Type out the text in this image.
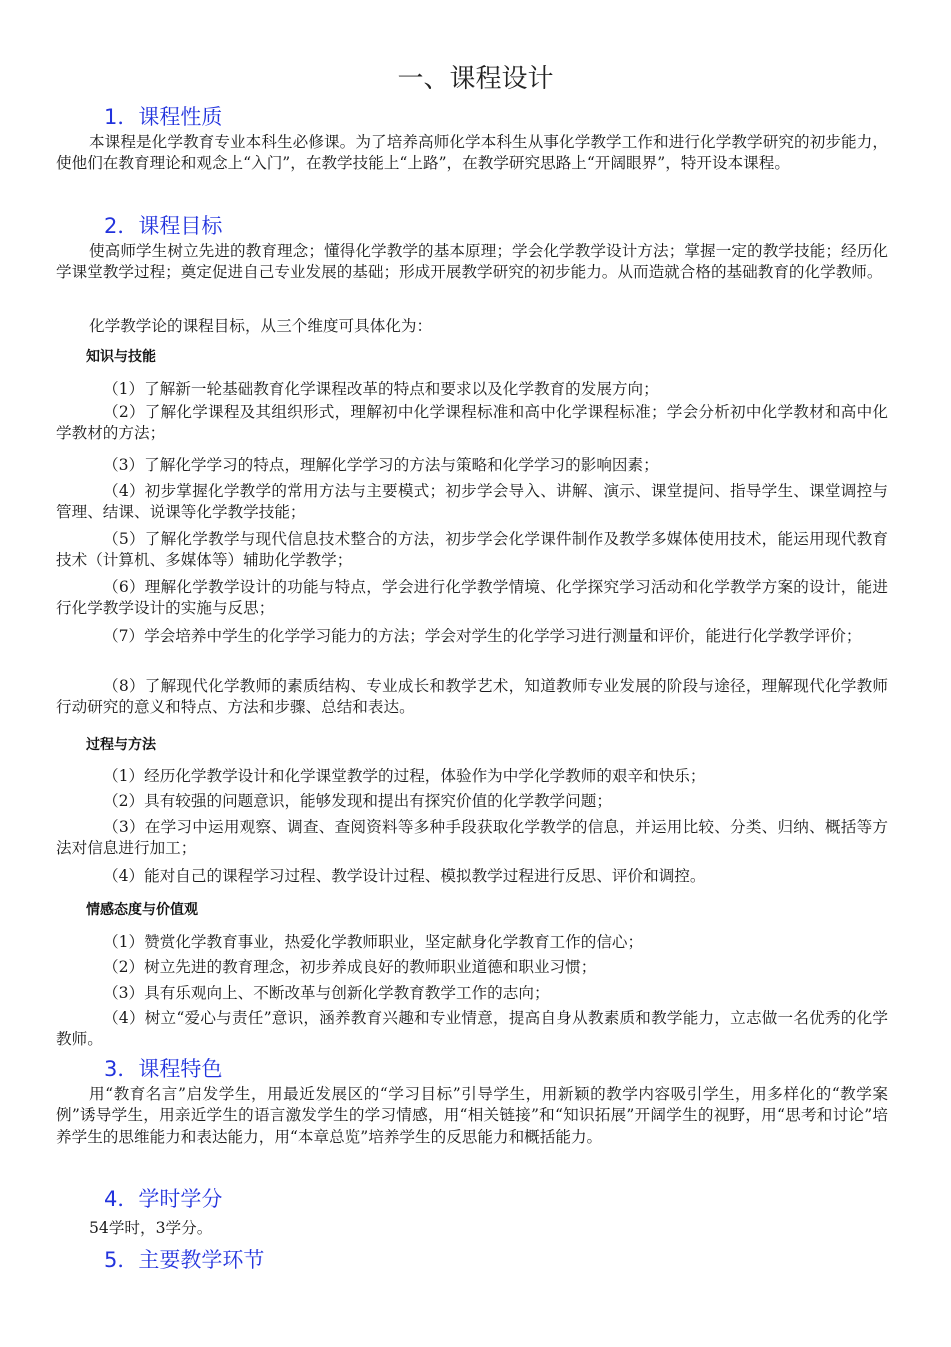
一、课程设计
1．课程性质

本课程是化学教育专业本科生必修课。为了培养高师化学本科生从事化学教学工作和进行化学教学研究的初步能力，使他们在教育理论和观念上“入门”，在教学技能上“上路”，在教学研究思路上“开阔眼界”，特开设本课程。

2．课程目标

使高师学生树立先进的教育理念；懂得化学教学的基本原理；学会化学教学设计方法；掌握一定的教学技能；经历化学课堂教学过程；奠定促进自己专业发展的基础；形成开展教学研究的初步能力。从而造就合格的基础教育的化学教师。

化学教学论的课程目标，从三个维度可具体化为：

知识与技能

（1）了解新一轮基础教育化学课程改革的特点和要求以及化学教育的发展方向；

（2）了解化学课程及其组织形式，理解初中化学课程标准和高中化学课程标准；学会分析初中化学教材和高中化学教材的方法；

（3）了解化学学习的特点，理解化学学习的方法与策略和化学学习的影响因素；

（4）初步掌握化学教学的常用方法与主要模式；初步学会导入、讲解、演示、课堂提问、指导学生、课堂调控与管理、结课、说课等化学教学技能；

（5）了解化学教学与现代信息技术整合的方法，初步学会化学课件制作及教学多媒体使用技术，能运用现代教育技术（计算机、多媒体等）辅助化学教学；

（6）理解化学教学设计的功能与特点，学会进行化学教学情境、化学探究学习活动和化学教学方案的设计，能进行化学教学设计的实施与反思；

（7）学会培养中学生的化学学习能力的方法；学会对学生的化学学习进行测量和评价，能进行化学教学评价；

（8）了解现代化学教师的素质结构、专业成长和教学艺术，知道教师专业发展的阶段与途径，理解现代化学教师行动研究的意义和特点、方法和步骤、总结和表达。

过程与方法

（1）经历化学教学设计和化学课堂教学的过程，体验作为中学化学教师的艰辛和快乐；

（2）具有较强的问题意识，能够发现和提出有探究价值的化学教学问题；

（3）在学习中运用观察、调查、查阅资料等多种手段获取化学教学的信息，并运用比较、分类、归纳、概括等方法对信息进行加工；

（4）能对自己的课程学习过程、教学设计过程、模拟教学过程进行反思、评价和调控。

情感态度与价值观

（1）赞赏化学教育事业，热爱化学教师职业，坚定献身化学教育工作的信心；

（2）树立先进的教育理念，初步养成良好的教师职业道德和职业习惯；

（3）具有乐观向上、不断改革与创新化学教育教学工作的志向；

（4）树立“爱心与责任”意识，涵养教育兴趣和专业情意，提高自身从教素质和教学能力，立志做一名优秀的化学教师。

3．课程特色

用“教育名言”启发学生，用最近发展区的“学习目标”引导学生，用新颖的教学内容吸引学生，用多样化的“教学案例”诱导学生，用亲近学生的语言激发学生的学习情感，用“相关链接”和“知识拓展”开阔学生的视野，用“思考和讨论”培养学生的思维能力和表达能力，用“本章总览”培养学生的反思能力和概括能力。

4．学时学分

54学时，3学分。

5．主要教学环节
